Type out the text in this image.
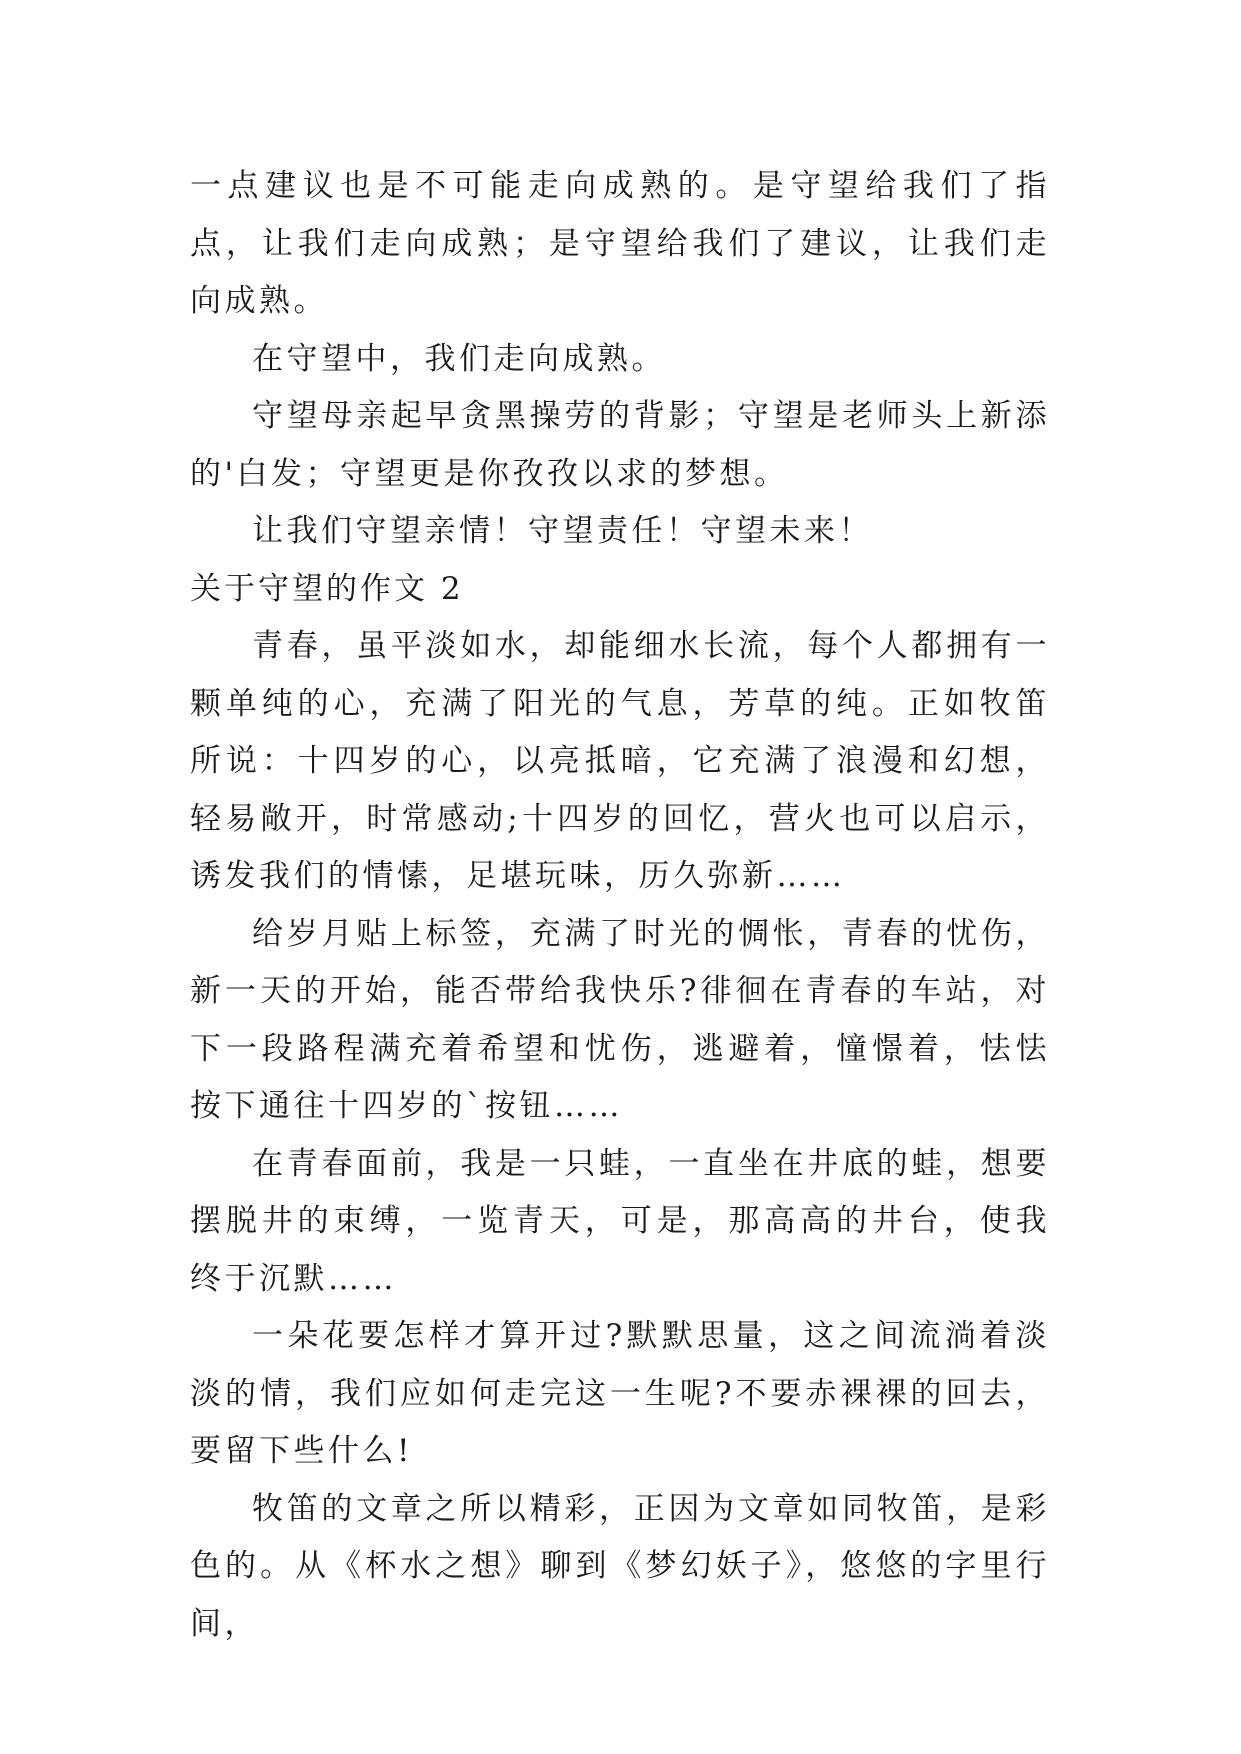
一点建议也是不可能走向成熟的。是守望给我们了指点，让我们走向成熟；是守望给我们了建议，让我们走向成熟。

在守望中，我们走向成熟。

守望母亲起早贪黑操劳的背影；守望是老师头上新添的'白发；守望更是你孜孜以求的梦想。

让我们守望亲情！守望责任！守望未来！

关于守望的作文 2

青春，虽平淡如水，却能细水长流，每个人都拥有一颗单纯的心，充满了阳光的气息，芳草的纯。正如牧笛所说：十四岁的心，以亮抵暗，它充满了浪漫和幻想，轻易敞开，时常感动;十四岁的回忆，营火也可以启示，诱发我们的情愫，足堪玩味，历久弥新……

给岁月贴上标签，充满了时光的惆怅，青春的忧伤，新一天的开始，能否带给我快乐?徘徊在青春的车站，对下一段路程满充着希望和忧伤，逃避着，憧憬着，怯怯按下通往十四岁的`按钮……

在青春面前，我是一只蛙，一直坐在井底的蛙，想要摆脱井的束缚，一览青天，可是，那高高的井台，使我终于沉默……

一朵花要怎样才算开过?默默思量，这之间流淌着淡淡的情，我们应如何走完这一生呢?不要赤裸裸的回去，要留下些什么!

牧笛的文章之所以精彩，正因为文章如同牧笛，是彩色的。从《杯水之想》聊到《梦幻妖子》，悠悠的字里行间，
